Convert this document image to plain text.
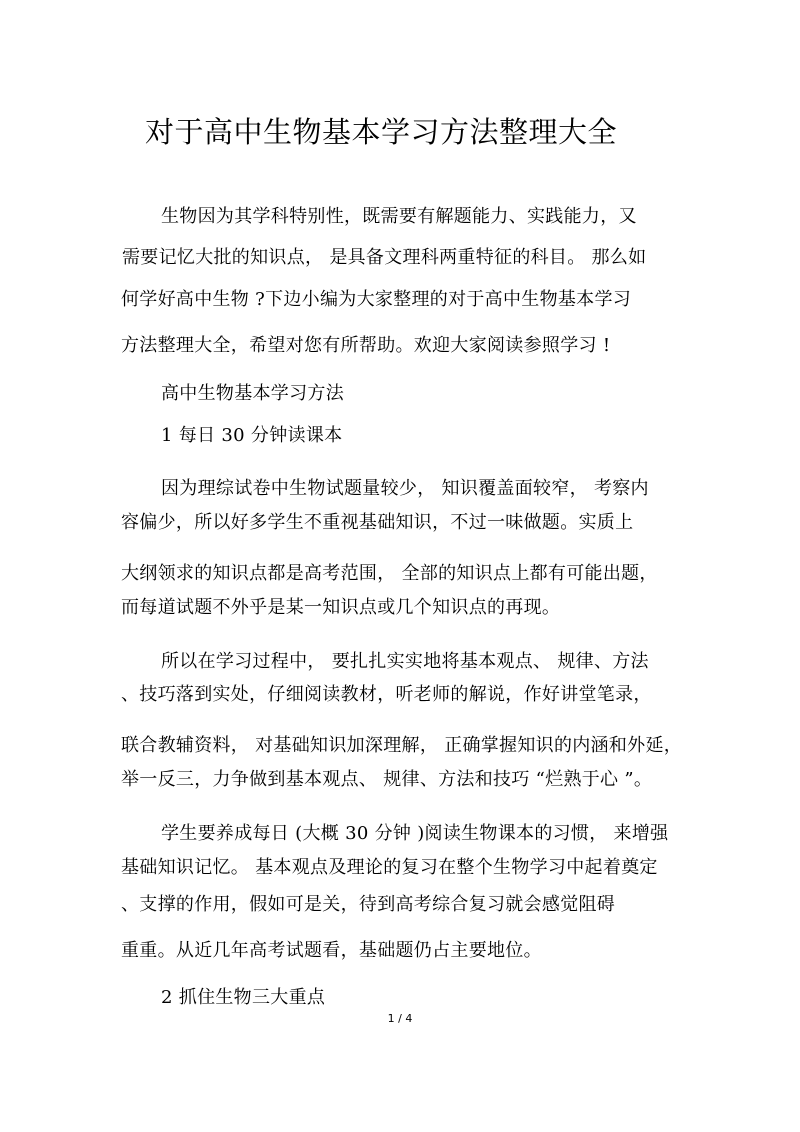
对于高中生物基本学习方法整理大全
生物因为其学科特别性，既需要有解题能力、实践能力，又
需要记忆大批的知识点， 是具备文理科两重特征的科目。 那么如
何学好高中生物 ?下边小编为大家整理的对于高中生物基本学习
方法整理大全，希望对您有所帮助。欢迎大家阅读参照学习 !
高中生物基本学习方法
1 每日 30 分钟读课本
因为理综试卷中生物试题量较少， 知识覆盖面较窄， 考察内
容偏少，所以好多学生不重视基础知识，不过一味做题。实质上
大纲领求的知识点都是高考范围， 全部的知识点上都有可能出题，
而每道试题不外乎是某一知识点或几个知识点的再现。
所以在学习过程中， 要扎扎实实地将基本观点、 规律、方法
、技巧落到实处，仔细阅读教材，听老师的解说，作好讲堂笔录，
联合教辅资料， 对基础知识加深理解， 正确掌握知识的内涵和外延，
举一反三，力争做到基本观点、 规律、方法和技巧 “烂熟于心 ”。
学生要养成每日 (大概 30 分钟 )阅读生物课本的习惯， 来增强
基础知识记忆。 基本观点及理论的复习在整个生物学习中起着奠定
、支撑的作用，假如可是关，待到高考综合复习就会感觉阻碍
重重。从近几年高考试题看，基础题仍占主要地位。
2 抓住生物三大重点
1 / 4
